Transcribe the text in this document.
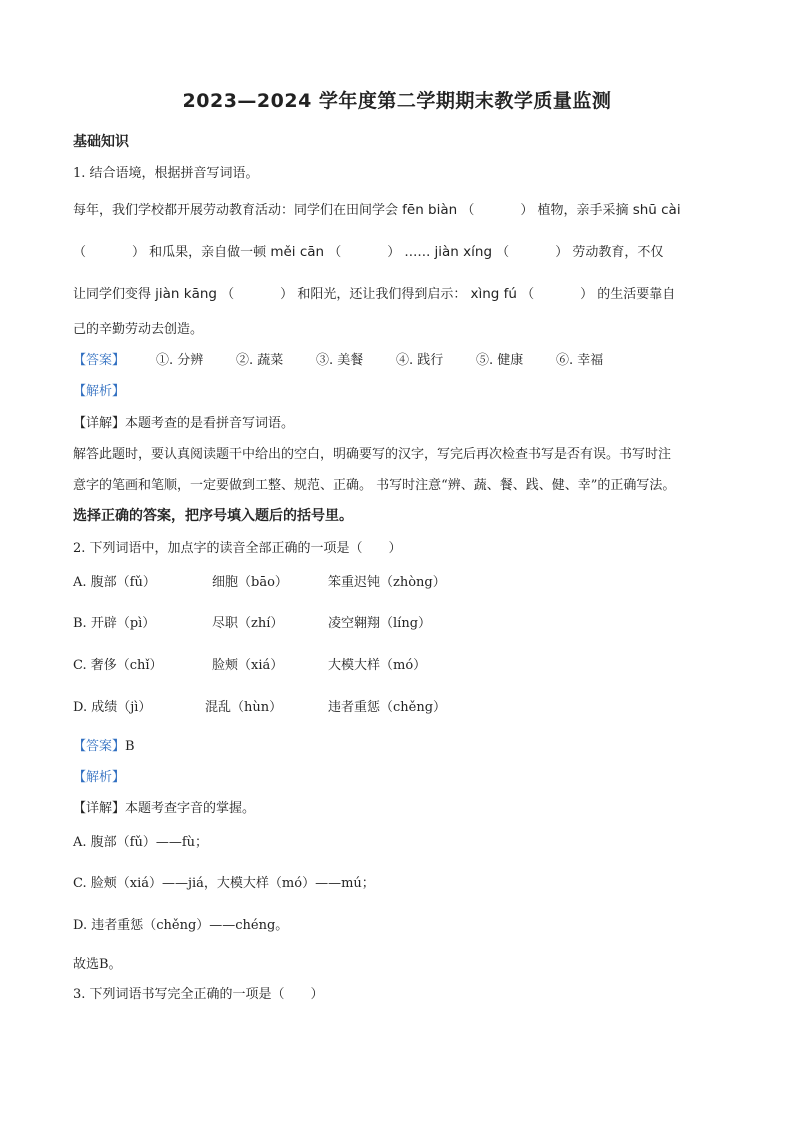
2023—2024 学年度第二学期期末教学质量监测
基础知识
1. 结合语境，根据拼音写词语。
每年，我们学校都开展劳动教育活动：同学们在田间学会 fēn biàn （	） 植物，亲手采摘 shū cài
（	） 和瓜果，亲自做一顿 měi cān （	） …… jiàn xíng （	） 劳动教育，不仅
让同学们变得 jiàn kāng （	） 和阳光，还让我们得到启示： xìng fú （	） 的生活要靠自
己的辛勤劳动去创造。
【答案】 ①. 分辨	②. 蔬菜	③. 美餐	④. 践行	⑤. 健康	⑥. 幸福
【解析】
【详解】本题考查的是看拼音写词语。
解答此题时，要认真阅读题干中给出的空白，明确要写的汉字，写完后再次检查书写是否有误。书写时注
意字的笔画和笔顺，一定要做到工整、规范、正确。 书写时注意“辨、蔬、餐、践、健、幸”的正确写法。
选择正确的答案，把序号填入题后的括号里。
2. 下列词语中，加点字的读音全部正确的一项是（　　）
A. 腹部（fǔ）	细胞（bāo）	笨重迟钝（zhòng）
B. 开辟（pì）	尽职（zhí）	凌空翱翔（líng）
C. 奢侈（chǐ）	脸颊（xiá）	大模大样（mó）
D. 成绩（jì）	混乱（hùn）	违者重惩（chěng）
【答案】B
【解析】
【详解】本题考查字音的掌握。
A. 腹部（fǔ）——fù；
C. 脸颊（xiá）——jiá，大模大样（mó）——mú；
D. 违者重惩（chěng）——chéng。
故选B。
3. 下列词语书写完全正确的一项是（　　）
